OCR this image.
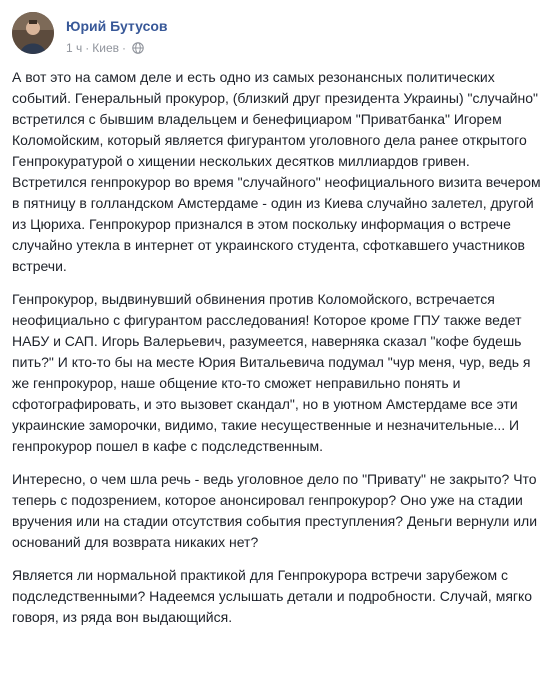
Юрий Бутусов
1 ч · Киев ·

А вот это на самом деле и есть одно из самых резонансных политических событий. Генеральный прокурор, (близкий друг президента Украины) "случайно" встретился с бывшим владельцем и бенефициаром "Приватбанка" Игорем Коломойским, который является фигурантом уголовного дела ранее открытого Генпрокуратурой о хищении нескольких десятков миллиардов гривен. Встретился генпрокурор во время "случайного" неофициального визита вечером в пятницу в голландском Амстердаме - один из Киева случайно залетел, другой из Цюриха. Генпрокурор признался в этом поскольку информация о встрече случайно утекла в интернет от украинского студента, сфоткавшего участников встречи.

Генпрокурор, выдвинувший обвинения против Коломойского, встречается неофициально с фигурантом расследования! Которое кроме ГПУ также ведет НАБУ и САП. Игорь Валерьевич, разумеется, наверняка сказал "кофе будешь пить?" И кто-то бы на месте Юрия Витальевича подумал "чур меня, чур, ведь я же генпрокурор, наше общение кто-то сможет неправильно понять и сфотографировать, и это вызовет скандал", но в уютном Амстердаме все эти украинские заморочки, видимо, такие несущественные и незначительные... И генпрокурор пошел в кафе с подследственным.

Интересно, о чем шла речь - ведь уголовное дело по "Привату" не закрыто? Что теперь с подозрением, которое анонсировал генпрокурор? Оно уже на стадии вручения или на стадии отсутствия события преступления? Деньги вернули или оснований для возврата никаких нет?

Является ли нормальной практикой для Генпрокурора встречи зарубежом с подследственными? Надеемся услышать детали и подробности. Случай, мягко говоря, из ряда вон выдающийся.
